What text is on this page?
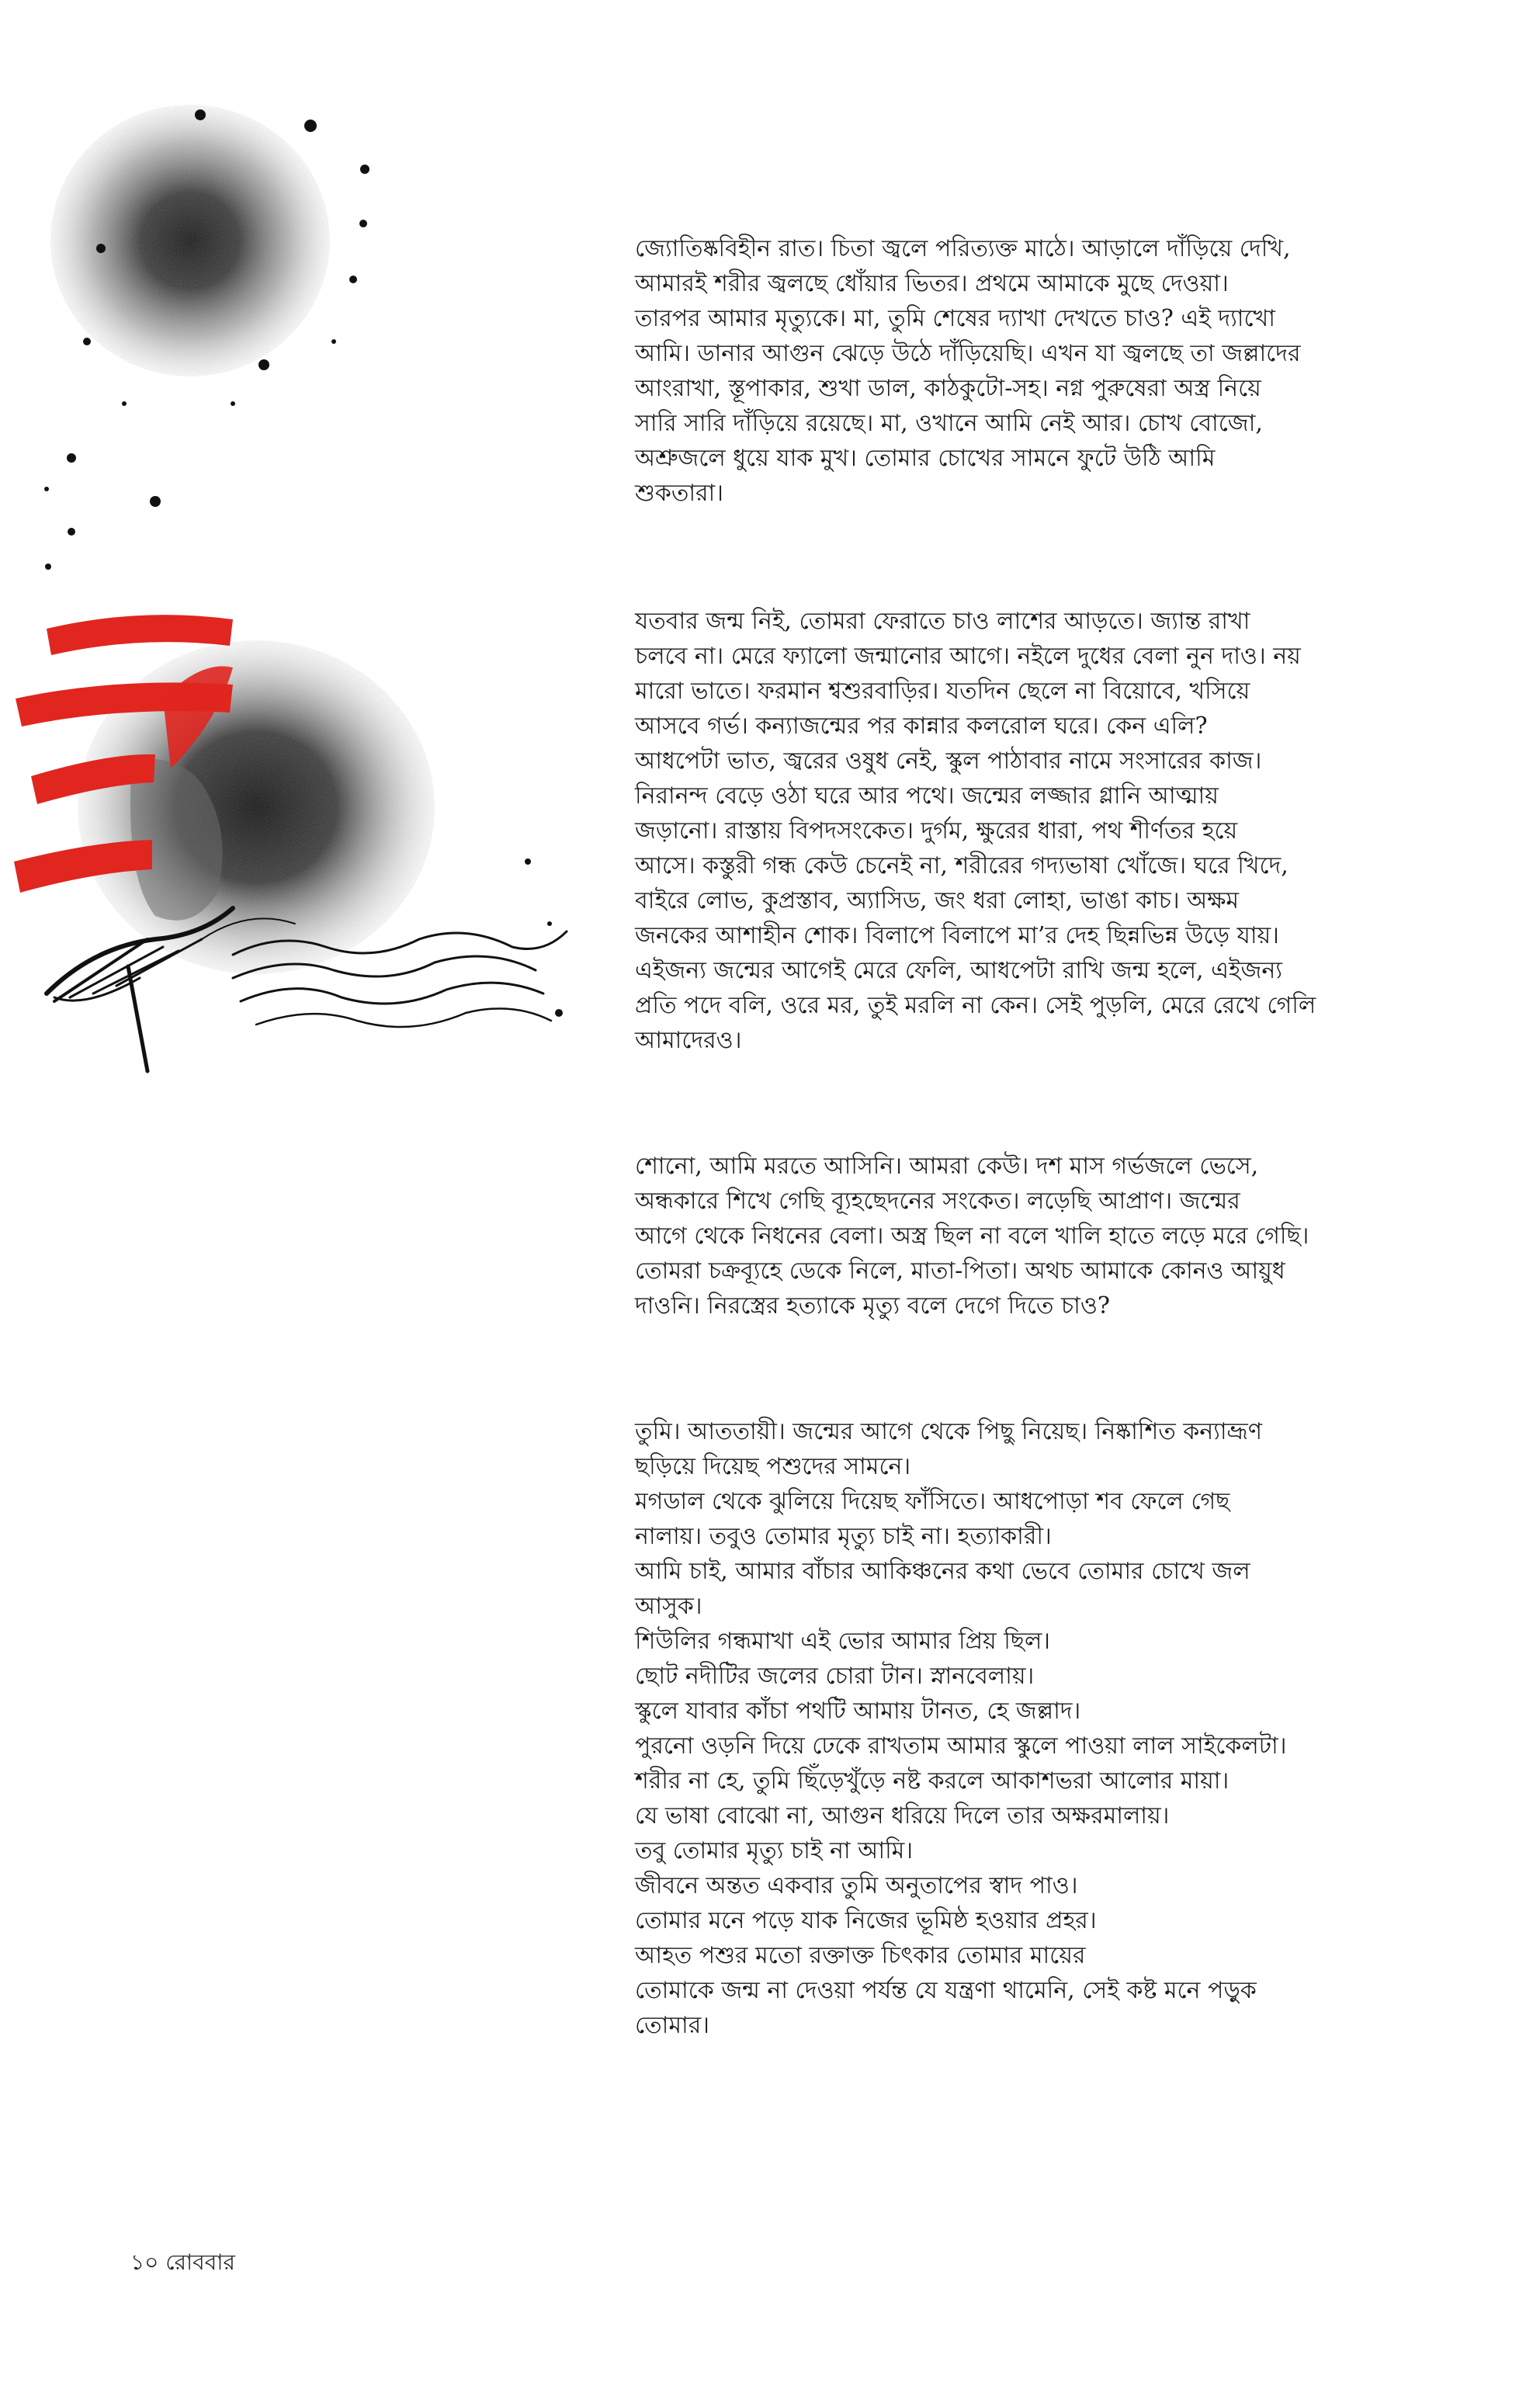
জ্যোতিষ্কবিহীন রাত। চিতা জ্বলে পরিত্যক্ত মাঠে। আড়ালে দাঁড়িয়ে দেখি,
আমারই শরীর জ্বলছে ধোঁয়ার ভিতর। প্রথমে আমাকে মুছে দেওয়া।
তারপর আমার মৃত্যুকে। মা, তুমি শেষের দ্যাখা দেখতে চাও? এই দ্যাখো
আমি। ডানার আগুন ঝেড়ে উঠে দাঁড়িয়েছি। এখন যা জ্বলছে তা জল্লাদের
আংরাখা, স্তূপাকার, শুখা ডাল, কাঠকুটো-সহ। নগ্ন পুরুষেরা অস্ত্র নিয়ে
সারি সারি দাঁড়িয়ে রয়েছে। মা, ওখানে আমি নেই আর। চোখ বোজো,
অশ্রুজলে ধুয়ে যাক মুখ। তোমার চোখের সামনে ফুটে উঠি আমি
শুকতারা।

যতবার জন্ম নিই, তোমরা ফেরাতে চাও লাশের আড়তে। জ্যান্ত রাখা
চলবে না। মেরে ফ্যালো জন্মানোর আগে। নইলে দুধের বেলা নুন দাও। নয়
মারো ভাতে। ফরমান শ্বশুরবাড়ির। যতদিন ছেলে না বিয়োবে, খসিয়ে
আসবে গর্ভ। কন্যাজন্মের পর কান্নার কলরোল ঘরে। কেন এলি?
আধপেটা ভাত, জ্বরের ওষুধ নেই, স্কুল পাঠাবার নামে সংসারের কাজ।
নিরানন্দ বেড়ে ওঠা ঘরে আর পথে। জন্মের লজ্জার গ্লানি আত্মায়
জড়ানো। রাস্তায় বিপদসংকেত। দুর্গম, ক্ষুরের ধারা, পথ শীর্ণতর হয়ে
আসে। কস্তুরী গন্ধ কেউ চেনেই না, শরীরের গদ্যভাষা খোঁজে। ঘরে খিদে,
বাইরে লোভ, কুপ্রস্তাব, অ্যাসিড, জং ধরা লোহা, ভাঙা কাচ। অক্ষম
জনকের আশাহীন শোক। বিলাপে বিলাপে মা’র দেহ ছিন্নভিন্ন উড়ে যায়।
এইজন্য জন্মের আগেই মেরে ফেলি, আধপেটা রাখি জন্ম হলে, এইজন্য
প্রতি পদে বলি, ওরে মর, তুই মরলি না কেন। সেই পুড়লি, মেরে রেখে গেলি
আমাদেরও।

শোনো, আমি মরতে আসিনি। আমরা কেউ। দশ মাস গর্ভজলে ভেসে,
অন্ধকারে শিখে গেছি ব্যূহছেদনের সংকেত। লড়েছি আপ্রাণ। জন্মের
আগে থেকে নিধনের বেলা। অস্ত্র ছিল না বলে খালি হাতে লড়ে মরে গেছি।
তোমরা চক্রব্যূহে ডেকে নিলে, মাতা-পিতা। অথচ আমাকে কোনও আয়ুধ
দাওনি। নিরস্ত্রের হত্যাকে মৃত্যু বলে দেগে দিতে চাও?

তুমি। আততায়ী। জন্মের আগে থেকে পিছু নিয়েছ। নিষ্কাশিত কন্যাভ্রূণ
ছড়িয়ে দিয়েছ পশুদের সামনে।
মগডাল থেকে ঝুলিয়ে দিয়েছ ফাঁসিতে। আধপোড়া শব ফেলে গেছ
নালায়। তবুও তোমার মৃত্যু চাই না। হত্যাকারী।
আমি চাই, আমার বাঁচার আকিঞ্চনের কথা ভেবে তোমার চোখে জল
আসুক।
শিউলির গন্ধমাখা এই ভোর আমার প্রিয় ছিল।
ছোট নদীটির জলের চোরা টান। স্নানবেলায়।
স্কুলে যাবার কাঁচা পথটি আমায় টানত, হে জল্লাদ।
পুরনো ওড়নি দিয়ে ঢেকে রাখতাম আমার স্কুলে পাওয়া লাল সাইকেলটা।
শরীর না হে, তুমি ছিঁড়েখুঁড়ে নষ্ট করলে আকাশভরা আলোর মায়া।
যে ভাষা বোঝো না, আগুন ধরিয়ে দিলে তার অক্ষরমালায়।
তবু তোমার মৃত্যু চাই না আমি।
জীবনে অন্তত একবার তুমি অনুতাপের স্বাদ পাও।
তোমার মনে পড়ে যাক নিজের ভূমিষ্ঠ হওয়ার প্রহর।
আহত পশুর মতো রক্তাক্ত চিৎকার তোমার মায়ের
তোমাকে জন্ম না দেওয়া পর্যন্ত যে যন্ত্রণা থামেনি, সেই কষ্ট মনে পড়ুক
তোমার।

১০ রোববার
